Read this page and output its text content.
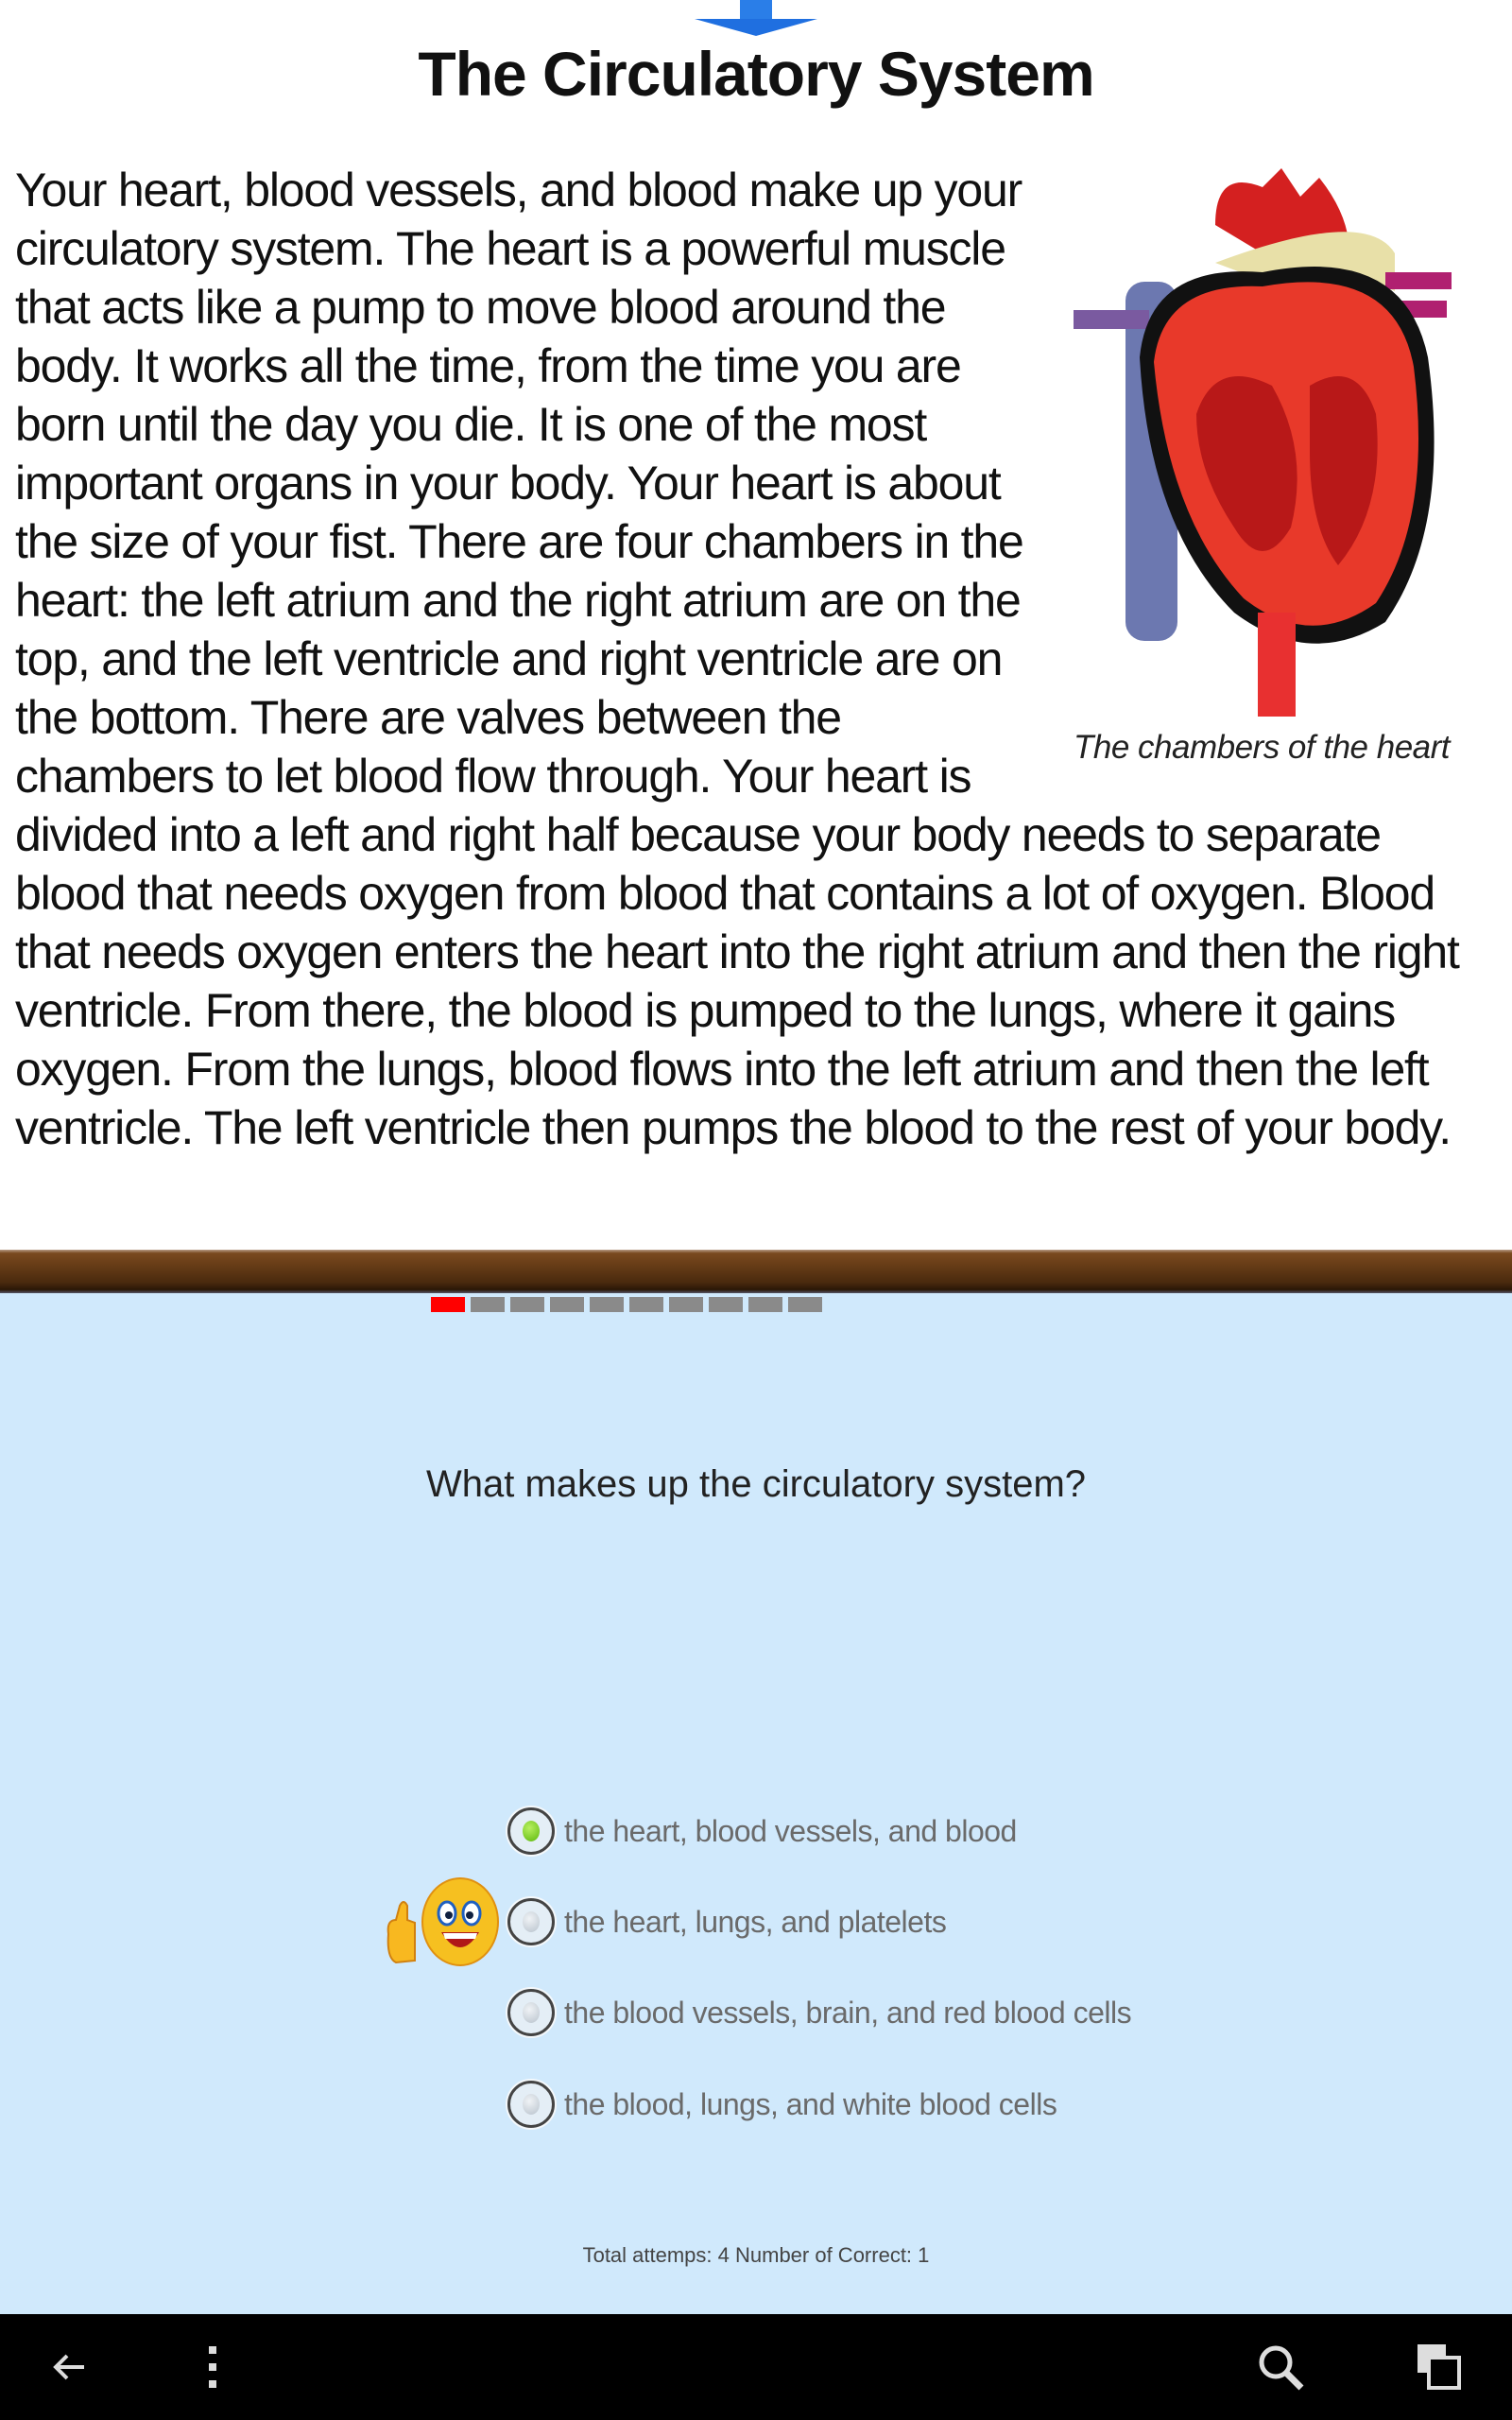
The Circulatory System
The chambers of the heart
Your heart, blood vessels, and blood make up your circulatory system. The heart is a powerful muscle that acts like a pump to move blood around the body. It works all the time, from the time you are born until the day you die. It is one of the most important organs in your body. Your heart is about the size of your fist. There are four chambers in the heart: the left atrium and the right atrium are on the top, and the left ventricle and right ventricle are on the bottom. There are valves between the chambers to let blood flow through. Your heart is divided into a left and right half because your body needs to separate blood that needs oxygen from blood that contains a lot of oxygen. Blood that needs oxygen enters the heart into the right atrium and then the right ventricle. From there, the blood is pumped to the lungs, where it gains oxygen. From the lungs, blood flows into the left atrium and then the left ventricle. The left ventricle then pumps the blood to the rest of your body.
What makes up the circulatory system?
the heart, blood vessels, and blood
the heart, lungs, and platelets
the blood vessels, brain, and red blood cells
the blood, lungs, and white blood cells
Total attemps: 4 Number of Correct: 1
